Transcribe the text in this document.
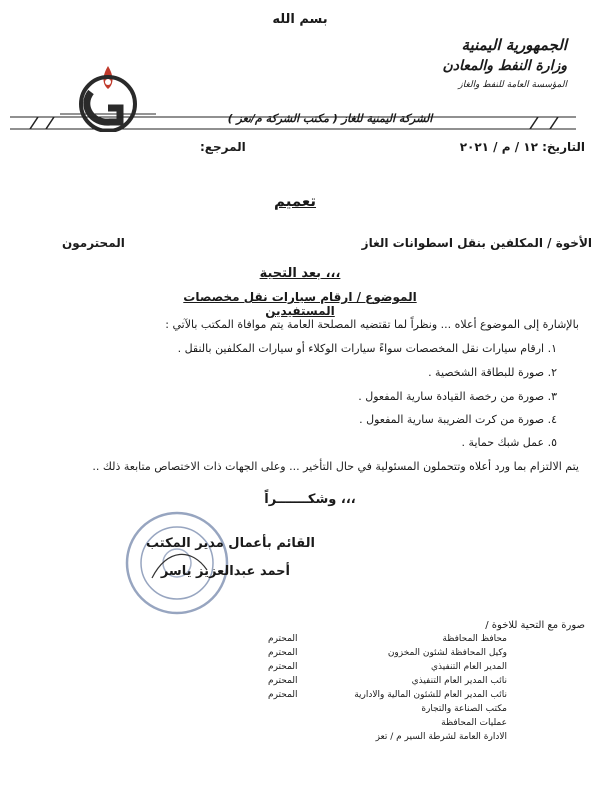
بسم الله
الجمهورية اليمنية
وزارة النفط والمعادن
المؤسسة العامة للنفط والغاز
الشركة اليمنية للغاز ( مكتب الشركة م/تعز )
التاريخ: ١٢ / م / ٢٠٢١
المرجع:
تعميم
الأخوة / المكلفين بنقل اسطوانات الغاز
المحترمون
بعد التحية ،،،
الموضوع / ارقام سيارات نقل مخصصات المستفيدين
بالإشارة إلى الموضوع أعلاه ... ونظراً لما تقتضيه المصلحة العامة يتم موافاة المكتب بالآتي :
١. ارقام سيارات نقل المخصصات سواءً سيارات الوكلاء أو سيارات المكلفين بالنقل .
٢. صورة للبطاقة الشخصية .
٣. صورة من رخصة القيادة سارية المفعول .
٤. صورة من كرت الضريبة سارية المفعول .
٥. عمل شبك حماية .
يتم الالتزام بما ورد أعلاه وتتحملون المسئولية في حال التأخير ... وعلى الجهات ذات الاختصاص متابعة ذلك ..
وشكـــــــراً ،،،
القائم بأعمال مدير المكتب
أحمد عبدالعزيز ياسر
صورة مع التحية للاخوة /
محافظ المحافظة
المحترم
وكيل المحافظة لشئون المخزون
المحترم
المدير العام التنفيذي
المحترم
نائب المدير العام التنفيذي
المحترم
نائب المدير العام للشئون المالية والادارية
المحترم
مكتب الصناعة والتجارة
عمليات المحافظة
الادارة العامة لشرطة السير م / تعز
